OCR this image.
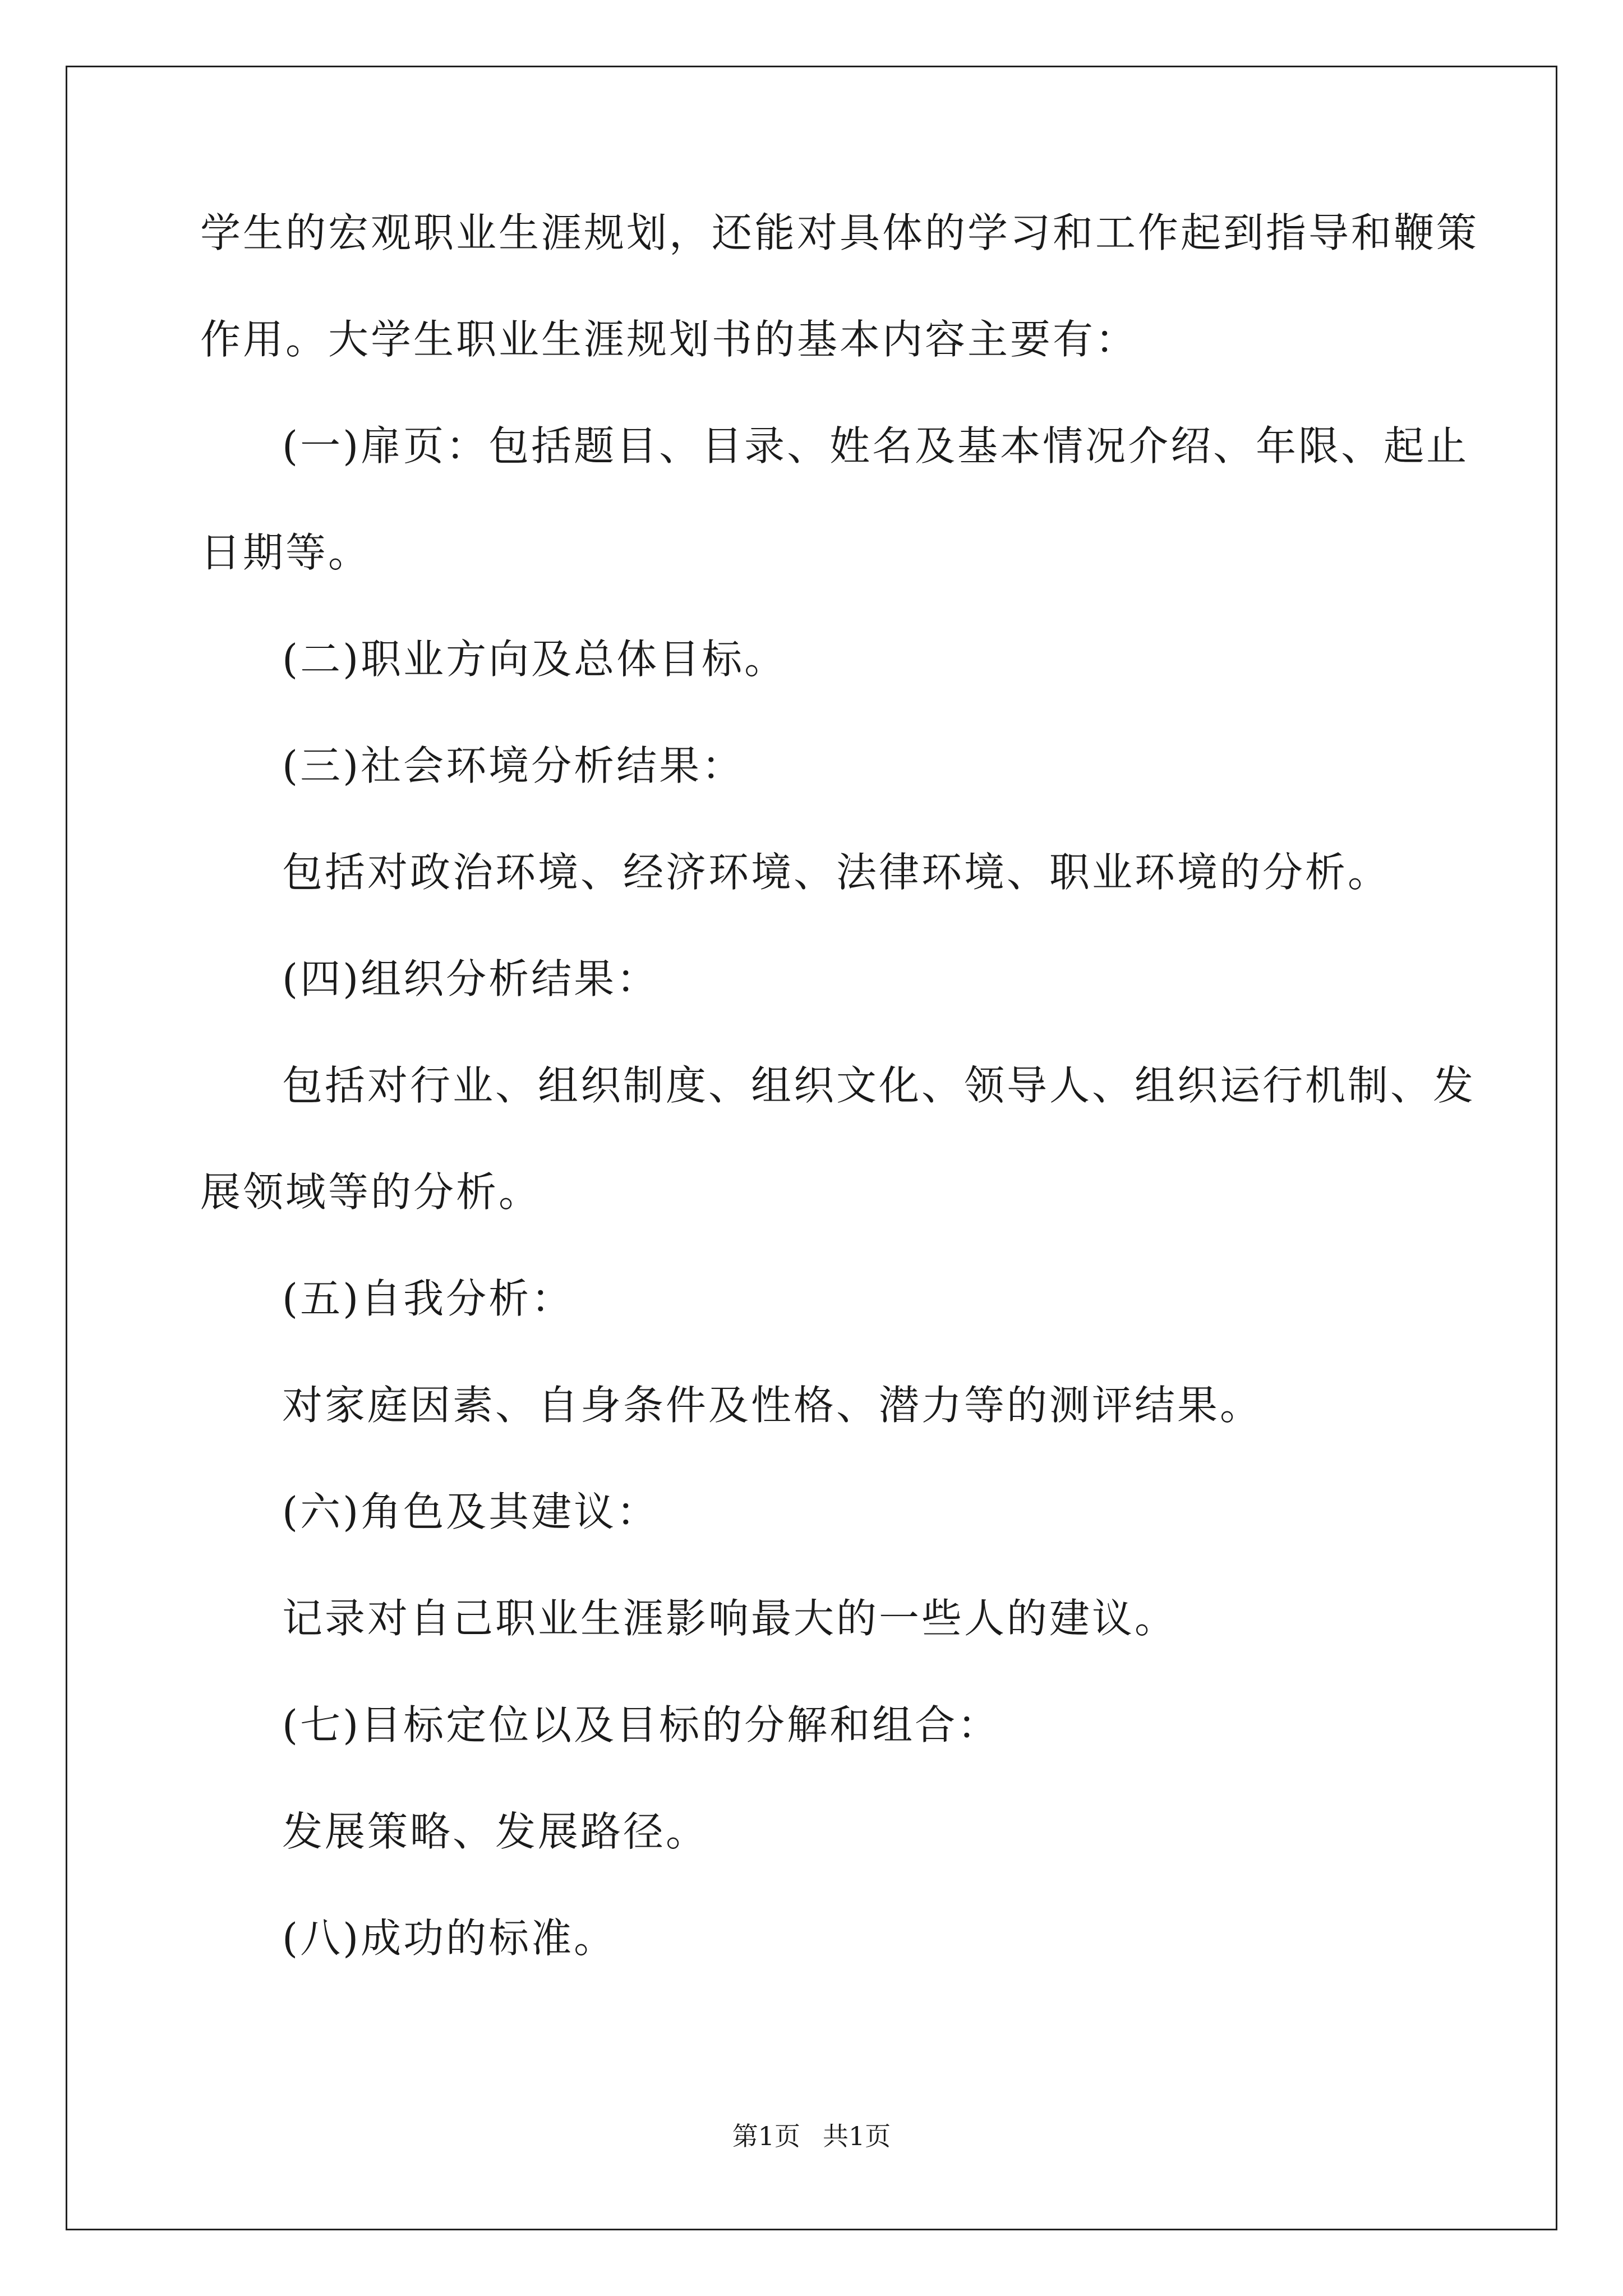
学生的宏观职业生涯规划，还能对具体的学习和工作起到指导和鞭策
作用。大学生职业生涯规划书的基本内容主要有：
(一)扉页：包括题目、目录、姓名及基本情况介绍、年限、起止
日期等。
(二)职业方向及总体目标。
(三)社会环境分析结果：
包括对政治环境、经济环境、法律环境、职业环境的分析。
(四)组织分析结果：
包括对行业、组织制度、组织文化、领导人、组织运行机制、发
展领域等的分析。
(五)自我分析：
对家庭因素、自身条件及性格、潜力等的测评结果。
(六)角色及其建议：
记录对自己职业生涯影响最大的一些人的建议。
(七)目标定位以及目标的分解和组合：
发展策略、发展路径。
(八)成功的标准。
第1页 共1页
